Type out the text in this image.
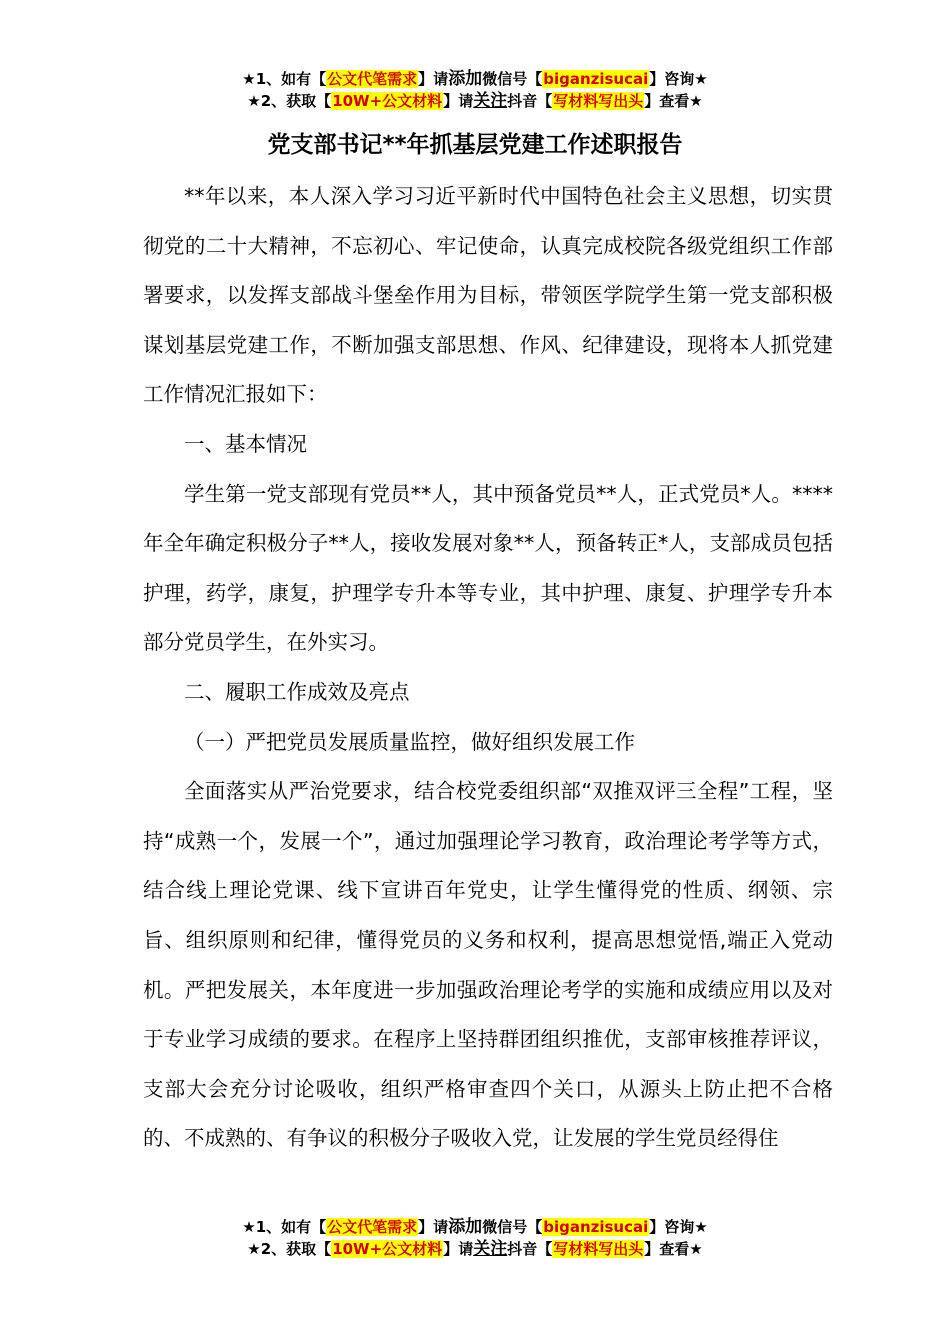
★1、如有【公文代笔需求】请添加微信号【biganzisucai】咨询★
★2、获取【10W+公文材料】请关注抖音【写材料写出头】查看★
党支部书记**年抓基层党建工作述职报告

**年以来，本人深入学习习近平新时代中国特色社会主义思想，切实贯彻党的二十大精神，不忘初心、牢记使命，认真完成校院各级党组织工作部署要求，以发挥支部战斗堡垒作用为目标，带领医学院学生第一党支部积极谋划基层党建工作，不断加强支部思想、作风、纪律建设，现将本人抓党建工作情况汇报如下：

一、基本情况

学生第一党支部现有党员**人，其中预备党员**人，正式党员*人。****年全年确定积极分子**人，接收发展对象**人，预备转正*人，支部成员包括护理，药学，康复，护理学专升本等专业，其中护理、康复、护理学专升本部分党员学生，在外实习。

二、履职工作成效及亮点

（一）严把党员发展质量监控，做好组织发展工作

全面落实从严治党要求，结合校党委组织部“双推双评三全程”工程，坚持“成熟一个，发展一个”，通过加强理论学习教育，政治理论考学等方式，结合线上理论党课、线下宣讲百年党史，让学生懂得党的性质、纲领、宗旨、组织原则和纪律，懂得党员的义务和权利，提高思想觉悟,端正入党动机。严把发展关，本年度进一步加强政治理论考学的实施和成绩应用以及对于专业学习成绩的要求。在程序上坚持群团组织推优，支部审核推荐评议，支部大会充分讨论吸收，组织严格审查四个关口，从源头上防止把不合格的、不成熟的、有争议的积极分子吸收入党，让发展的学生党员经得住

★1、如有【公文代笔需求】请添加微信号【biganzisucai】咨询★
★2、获取【10W+公文材料】请关注抖音【写材料写出头】查看★
